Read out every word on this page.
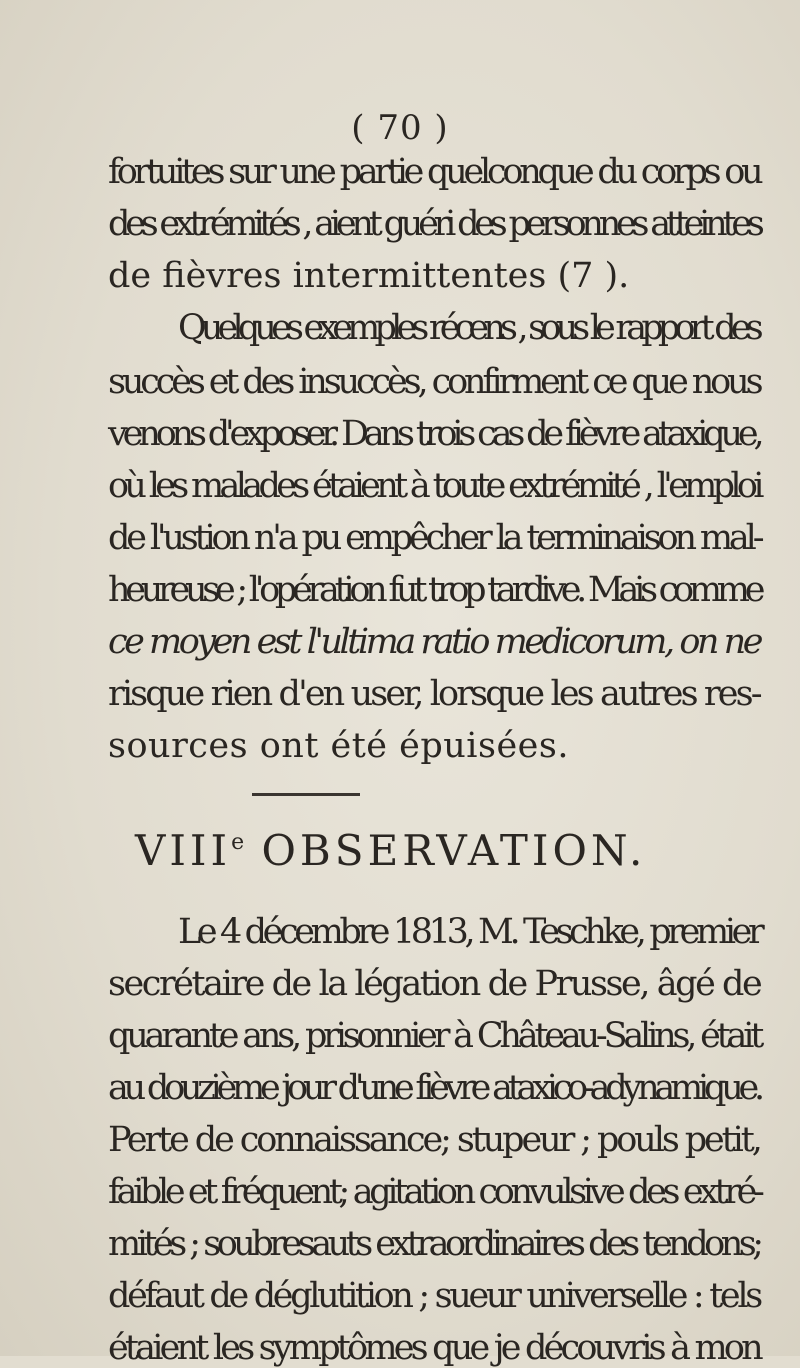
( 70 )
fortuites sur une partie quelconque du corps ou
des extrémités , aient guéri des personnes atteintes
de fièvres intermittentes (7 ).
Quelques exemples récens , sous le rapport des
succès et des insuccès, confirment ce que nous
venons d'exposer. Dans trois cas de fièvre ataxique,
où les malades étaient à toute extrémité , l'emploi
de l'ustion n'a pu empêcher la terminaison mal-
heureuse ; l'opération fut trop tardive. Mais comme
ce moyen est l'ultima ratio medicorum, on ne
risque rien d'en user, lorsque les autres res-
sources ont été épuisées.
VIIIe OBSERVATION.
Le 4 décembre 1813, M. Teschke, premier
secrétaire de la légation de Prusse, âgé de
quarante ans, prisonnier à Château-Salins, était
au douzième jour d'une fièvre ataxico-adynamique.
Perte de connaissance; stupeur ; pouls petit,
faible et fréquent; agitation convulsive des extré-
mités ; soubresauts extraordinaires des tendons;
défaut de déglutition ; sueur universelle : tels
étaient les symptômes que je découvris à mon
